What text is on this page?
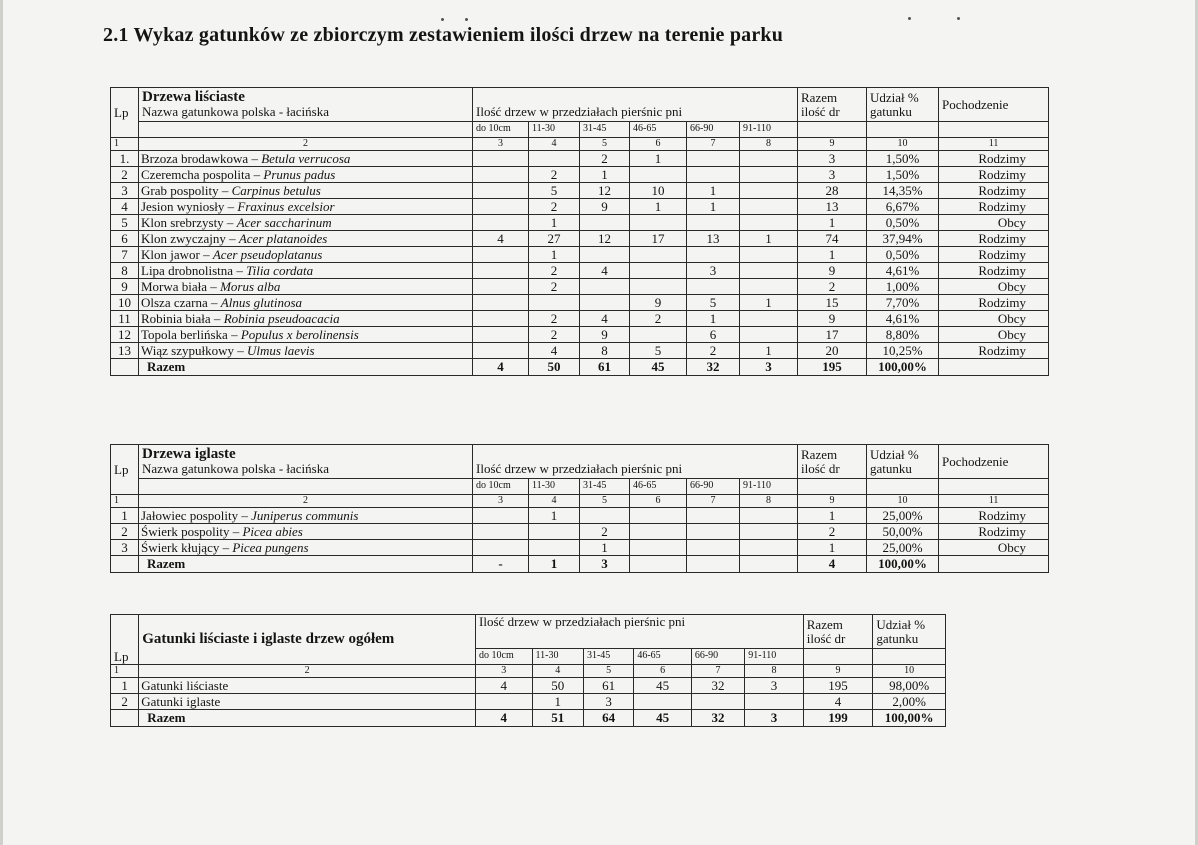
2.1 Wykaz gatunków ze zbiorczym zestawieniem ilości drzew na terenie parku
Lp	Drzewa liściaste
Nazwa gatunkowa polska - łacińska	Ilość drzew w przedziałach pierśnic pni						Razem
ilość dr	Udział %
gatunku	Pochodzenie
		do 10cm	11-30	31-45	46-65	66-90	91-110			
1	2	3	4	5	6	7	8	9	10	11
1.	Brzoza brodawkowa – Betula verrucosa			2	1			3	1,50%	Rodzimy
2	Czeremcha pospolita – Prunus padus		2	1				3	1,50%	Rodzimy
3	Grab pospolity – Carpinus betulus		5	12	10	1		28	14,35%	Rodzimy
4	Jesion wyniosły – Fraxinus excelsior		2	9	1	1		13	6,67%	Rodzimy
5	Klon srebrzysty – Acer saccharinum		1					1	0,50%	Obcy
6	Klon zwyczajny – Acer platanoides	4	27	12	17	13	1	74	37,94%	Rodzimy
7	Klon jawor – Acer pseudoplatanus		1					1	0,50%	Rodzimy
8	Lipa drobnolistna – Tilia cordata		2	4		3		9	4,61%	Rodzimy
9	Morwa biała – Morus alba		2					2	1,00%	Obcy
10	Olsza czarna – Alnus glutinosa				9	5	1	15	7,70%	Rodzimy
11	Robinia biała – Robinia pseudoacacia		2	4	2	1		9	4,61%	Obcy
12	Topola berlińska – Populus x berolinensis		2	9		6		17	8,80%	Obcy
13	Wiąz szypułkowy – Ulmus laevis		4	8	5	2	1	20	10,25%	Rodzimy
	Razem	4	50	61	45	32	3	195	100,00%	
Lp	Drzewa iglaste
Nazwa gatunkowa polska - łacińska	Ilość drzew w przedziałach pierśnic pni						Razem
ilość dr	Udział %
gatunku	Pochodzenie
		do 10cm	11-30	31-45	46-65	66-90	91-110			
1	2	3	4	5	6	7	8	9	10	11
1	Jałowiec pospolity – Juniperus communis		1					1	25,00%	Rodzimy
2	Świerk pospolity – Picea abies			2				2	50,00%	Rodzimy
3	Świerk kłujący – Picea pungens			1				1	25,00%	Obcy
	Razem	-	1	3				4	100,00%	
Lp	Gatunki liściaste i iglaste drzew ogółem	Ilość drzew w przedziałach pierśnic pni						Razem
ilość dr	Udział %
gatunku
		do 10cm	11-30	31-45	46-65	66-90	91-110		
1	2	3	4	5	6	7	8	9	10
1	Gatunki liściaste	4	50	61	45	32	3	195	98,00%
2	Gatunki iglaste		1	3				4	2,00%
	Razem	4	51	64	45	32	3	199	100,00%
